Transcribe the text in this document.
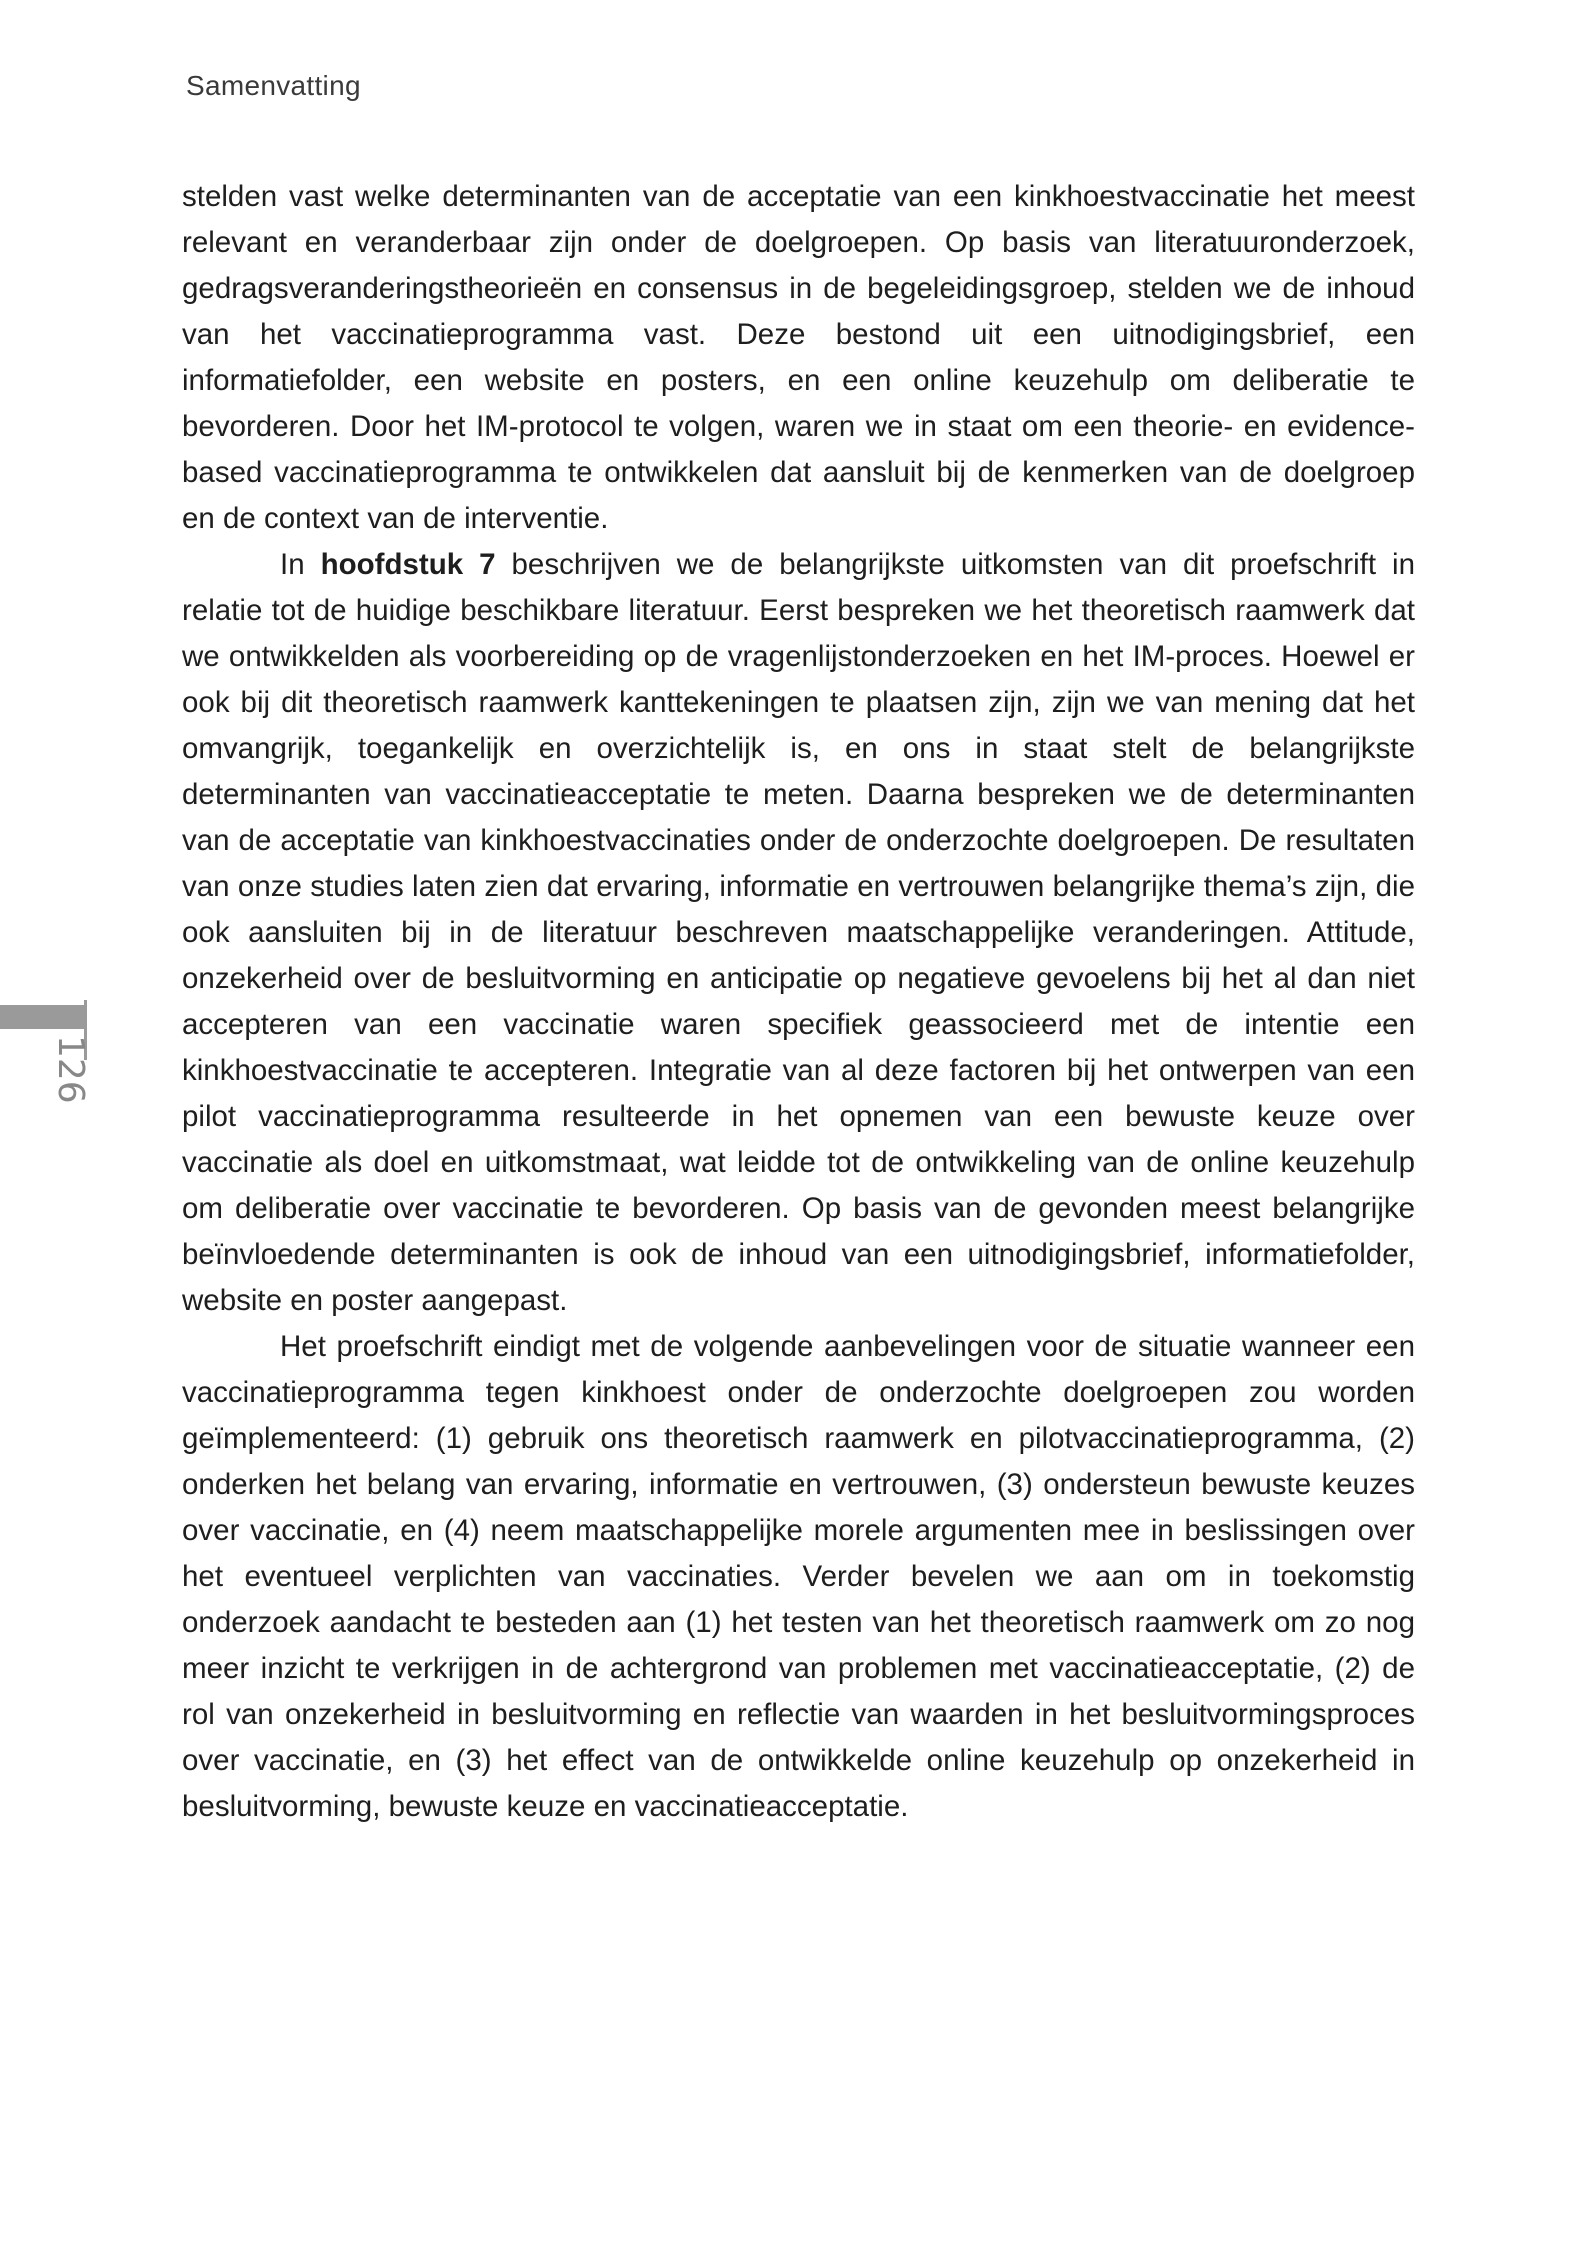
Samenvatting
126

stelden vast welke determinanten van de acceptatie van een kinkhoestvaccinatie het meest relevant en veranderbaar zijn onder de doelgroepen. Op basis van literatuuronderzoek, gedragsveranderingstheorieën en consensus in de begeleidingsgroep, stelden we de inhoud van het vaccinatieprogramma vast. Deze bestond uit een uitnodigingsbrief, een informatiefolder, een website en posters, en een online keuzehulp om deliberatie te bevorderen. Door het IM-protocol te volgen, waren we in staat om een theorie- en evidence-based vaccinatieprogramma te ontwikkelen dat aansluit bij de kenmerken van de doelgroep en de context van de interventie.

In hoofdstuk 7 beschrijven we de belangrijkste uitkomsten van dit proefschrift in relatie tot de huidige beschikbare literatuur. Eerst bespreken we het theoretisch raamwerk dat we ontwikkelden als voorbereiding op de vragenlijstonderzoeken en het IM-proces. Hoewel er ook bij dit theoretisch raamwerk kanttekeningen te plaatsen zijn, zijn we van mening dat het omvangrijk, toegankelijk en overzichtelijk is, en ons in staat stelt de belangrijkste determinanten van vaccinatieacceptatie te meten. Daarna bespreken we de determinanten van de acceptatie van kinkhoestvaccinaties onder de onderzochte doelgroepen. De resultaten van onze studies laten zien dat ervaring, informatie en vertrouwen belangrijke thema’s zijn, die ook aansluiten bij in de literatuur beschreven maatschappelijke veranderingen. Attitude, onzekerheid over de besluitvorming en anticipatie op negatieve gevoelens bij het al dan niet accepteren van een vaccinatie waren specifiek geassocieerd met de intentie een kinkhoestvaccinatie te accepteren. Integratie van al deze factoren bij het ontwerpen van een pilot vaccinatieprogramma resulteerde in het opnemen van een bewuste keuze over vaccinatie als doel en uitkomstmaat, wat leidde tot de ontwikkeling van de online keuzehulp om deliberatie over vaccinatie te bevorderen. Op basis van de gevonden meest belangrijke beïnvloedende determinanten is ook de inhoud van een uitnodigingsbrief, informatiefolder, website en poster aangepast.

Het proefschrift eindigt met de volgende aanbevelingen voor de situatie wanneer een vaccinatieprogramma tegen kinkhoest onder de onderzochte doelgroepen zou worden geïmplementeerd: (1) gebruik ons theoretisch raamwerk en pilotvaccinatieprogramma, (2) onderken het belang van ervaring, informatie en vertrouwen, (3) ondersteun bewuste keuzes over vaccinatie, en (4) neem maatschappelijke morele argumenten mee in beslissingen over het eventueel verplichten van vaccinaties. Verder bevelen we aan om in toekomstig onderzoek aandacht te besteden aan (1) het testen van het theoretisch raamwerk om zo nog meer inzicht te verkrijgen in de achtergrond van problemen met vaccinatieacceptatie, (2) de rol van onzekerheid in besluitvorming en reflectie van waarden in het besluitvormingsproces over vaccinatie, en (3) het effect van de ontwikkelde online keuzehulp op onzekerheid in besluitvorming, bewuste keuze en vaccinatieacceptatie.
